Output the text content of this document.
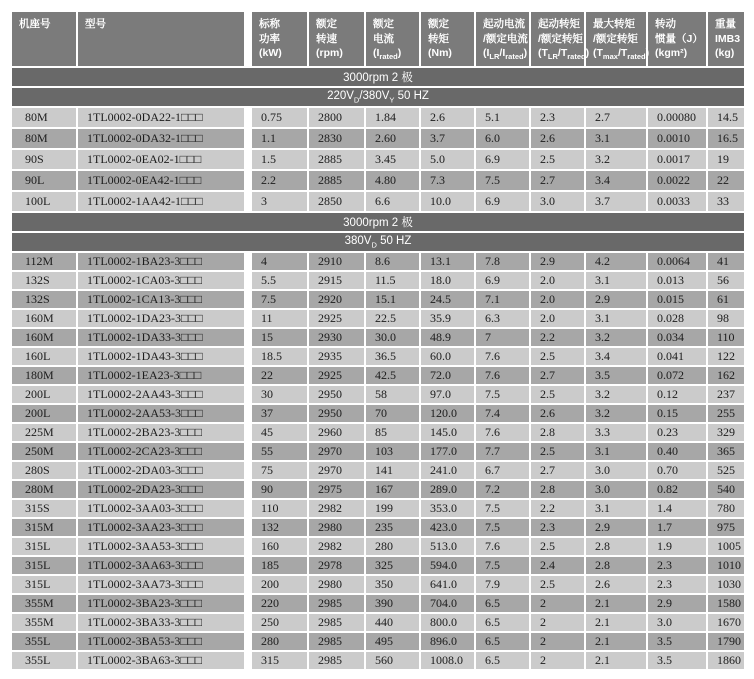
机座号	型号		标称
功率
(kW)

额定
转速
(rpm)

额定
电流
$(I_{rated})$

额定
转矩
(Nm)

起动电流
/额定电流
$(I_{LR}/I_{rated})$

起动转矩
/额定转矩
($T_{LR}/T_{rated}$

最大转矩
/额定转矩
($T_{max}/T_{rated}$

转动
惯量（J）
(kgm²)

重量
IMB3
(kg)

3000rpm 2 极											
$220V_D/380V_Y$ 50 HZ											
80M	1TL0002-0DA22-1□□□		0.75	2800	1.84	2.6	5.1	2.3	2.7	0.00080	14.5
80M	1TL0002-0DA32-1□□□		1.1	2830	2.60	3.7	6.0	2.6	3.1	0.0010	16.5
90S	1TL0002-0EA02-1□□□		1.5	2885	3.45	5.0	6.9	2.5	3.2	0.0017	19
90L	1TL0002-0EA42-1□□□		2.2	2885	4.80	7.3	7.5	2.7	3.4	0.0022	22
100L	1TL0002-1AA42-1□□□		3	2850	6.6	10.0	6.9	3.0	3.7	0.0033	33
3000rpm 2 极											
$380V_D$ 50 HZ											
112M	1TL0002-1BA23-3□□□		4	2910	8.6	13.1	7.8	2.9	4.2	0.0064	41
132S	1TL0002-1CA03-3□□□		5.5	2915	11.5	18.0	6.9	2.0	3.1	0.013	56
132S	1TL0002-1CA13-3□□□		7.5	2920	15.1	24.5	7.1	2.0	2.9	0.015	61
160M	1TL0002-1DA23-3□□□		11	2925	22.5	35.9	6.3	2.0	3.1	0.028	98
160M	1TL0002-1DA33-3□□□		15	2930	30.0	48.9	7	2.2	3.2	0.034	110
160L	1TL0002-1DA43-3□□□		18.5	2935	36.5	60.0	7.6	2.5	3.4	0.041	122
180M	1TL0002-1EA23-3□□□		22	2925	42.5	72.0	7.6	2.7	3.5	0.072	162
200L	1TL0002-2AA43-3□□□		30	2950	58	97.0	7.5	2.5	3.2	0.12	237
200L	1TL0002-2AA53-3□□□		37	2950	70	120.0	7.4	2.6	3.2	0.15	255
225M	1TL0002-2BA23-3□□□		45	2960	85	145.0	7.6	2.8	3.3	0.23	329
250M	1TL0002-2CA23-3□□□		55	2970	103	177.0	7.7	2.5	3.1	0.40	365
280S	1TL0002-2DA03-3□□□		75	2970	141	241.0	6.7	2.7	3.0	0.70	525
280M	1TL0002-2DA23-3□□□		90	2975	167	289.0	7.2	2.8	3.0	0.82	540
315S	1TL0002-3AA03-3□□□		110	2982	199	353.0	7.5	2.2	3.1	1.4	780
315M	1TL0002-3AA23-3□□□		132	2980	235	423.0	7.5	2.3	2.9	1.7	975
315L	1TL0002-3AA53-3□□□		160	2982	280	513.0	7.6	2.5	2.8	1.9	1005
315L	1TL0002-3AA63-3□□□		185	2978	325	594.0	7.5	2.4	2.8	2.3	1010
315L	1TL0002-3AA73-3□□□		200	2980	350	641.0	7.9	2.5	2.6	2.3	1030
355M	1TL0002-3BA23-3□□□		220	2985	390	704.0	6.5	2	2.1	2.9	1580
355M	1TL0002-3BA33-3□□□		250	2985	440	800.0	6.5	2	2.1	3.0	1670
355L	1TL0002-3BA53-3□□□		280	2985	495	896.0	6.5	2	2.1	3.5	1790
355L	1TL0002-3BA63-3□□□		315	2985	560	1008.0	6.5	2	2.1	3.5	1860
